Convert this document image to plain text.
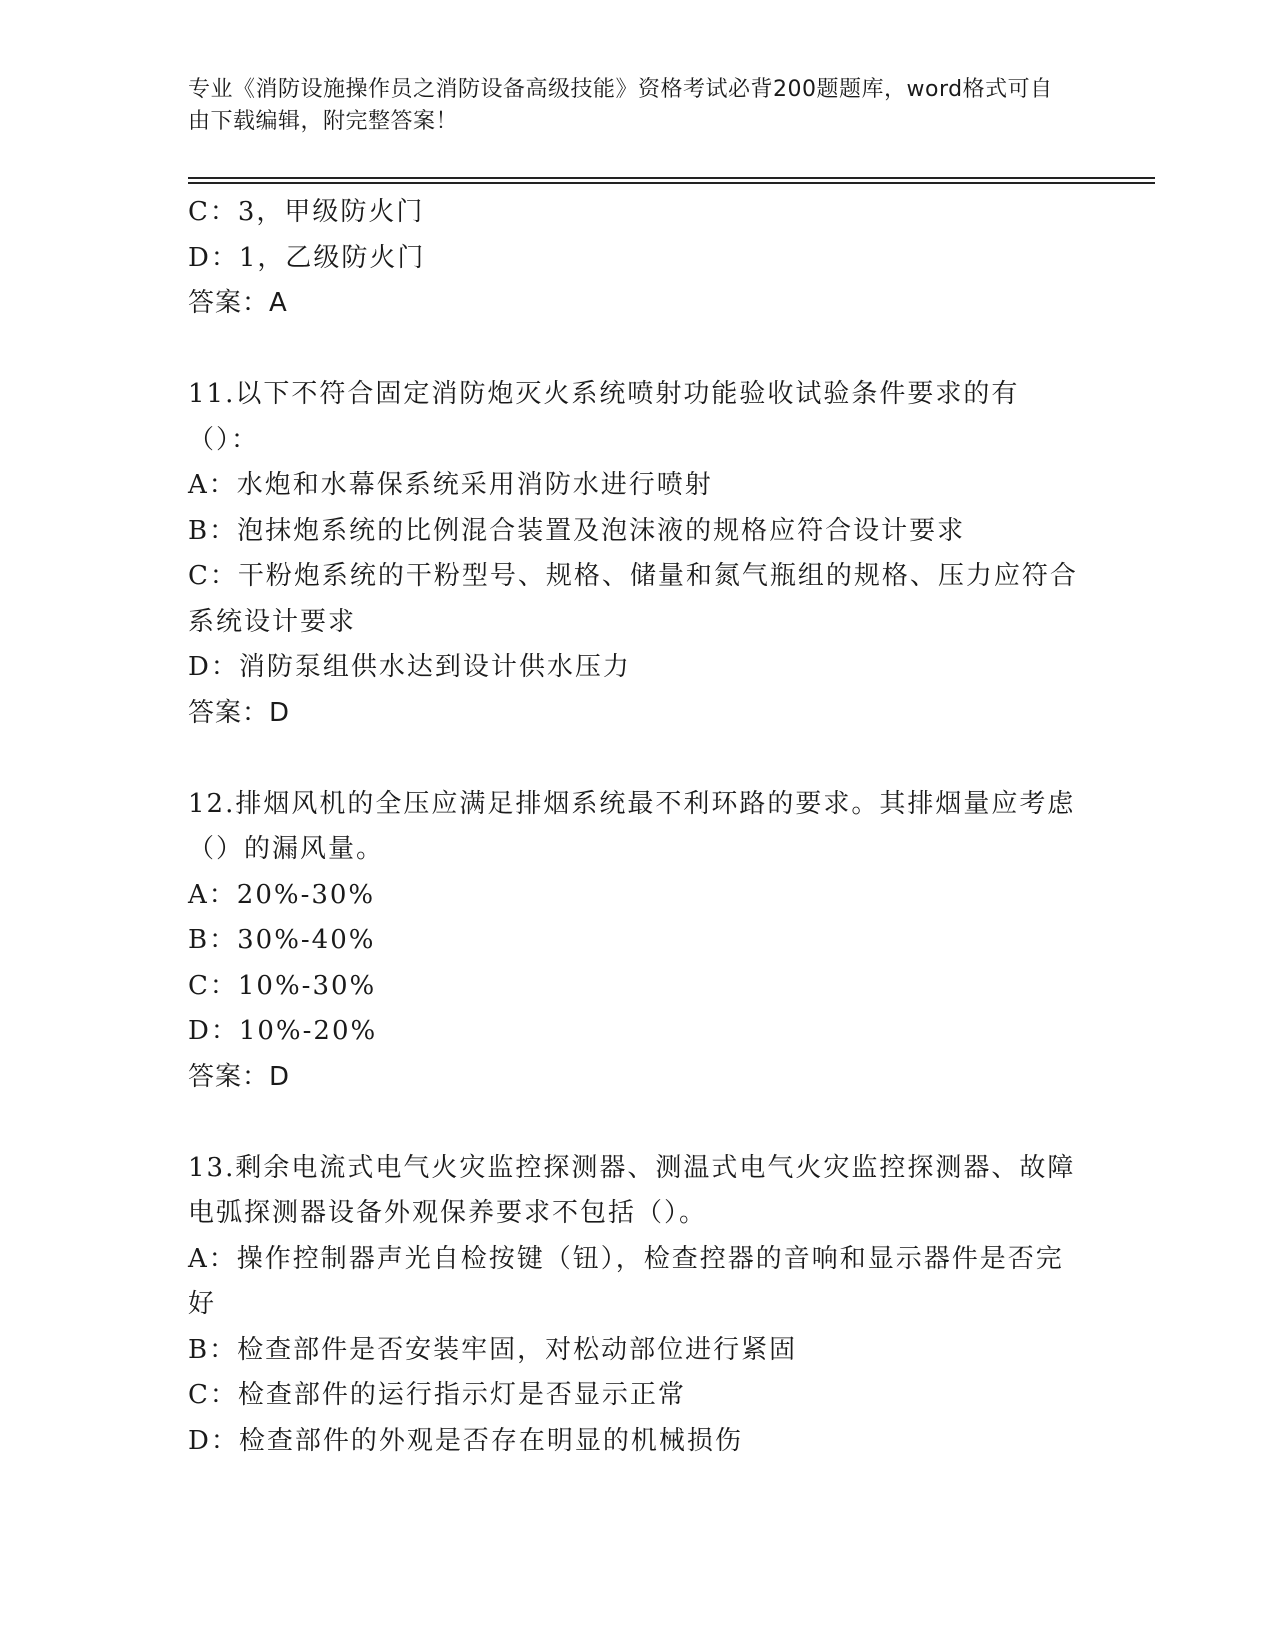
专业《消防设施操作员之消防设备高级技能》资格考试必背200题题库，word格式可自由下载编辑，附完整答案！
C：3，甲级防火门
D：1，乙级防火门
答案：A
11.以下不符合固定消防炮灭火系统喷射功能验收试验条件要求的有（）：
A：水炮和水幕保系统采用消防水进行喷射
B：泡抹炮系统的比例混合装置及泡沫液的规格应符合设计要求
C：干粉炮系统的干粉型号、规格、储量和氮气瓶组的规格、压力应符合系统设计要求
D：消防泵组供水达到设计供水压力
答案：D
12.排烟风机的全压应满足排烟系统最不利环路的要求。其排烟量应考虑（）的漏风量。
A：20%-30%
B：30%-40%
C：10%-30%
D：10%-20%
答案：D
13.剩余电流式电气火灾监控探测器、测温式电气火灾监控探测器、故障电弧探测器设备外观保养要求不包括（）。
A：操作控制器声光自检按键（钮），检查控器的音响和显示器件是否完好
B：检查部件是否安装牢固，对松动部位进行紧固
C：检查部件的运行指示灯是否显示正常
D：检查部件的外观是否存在明显的机械损伤
